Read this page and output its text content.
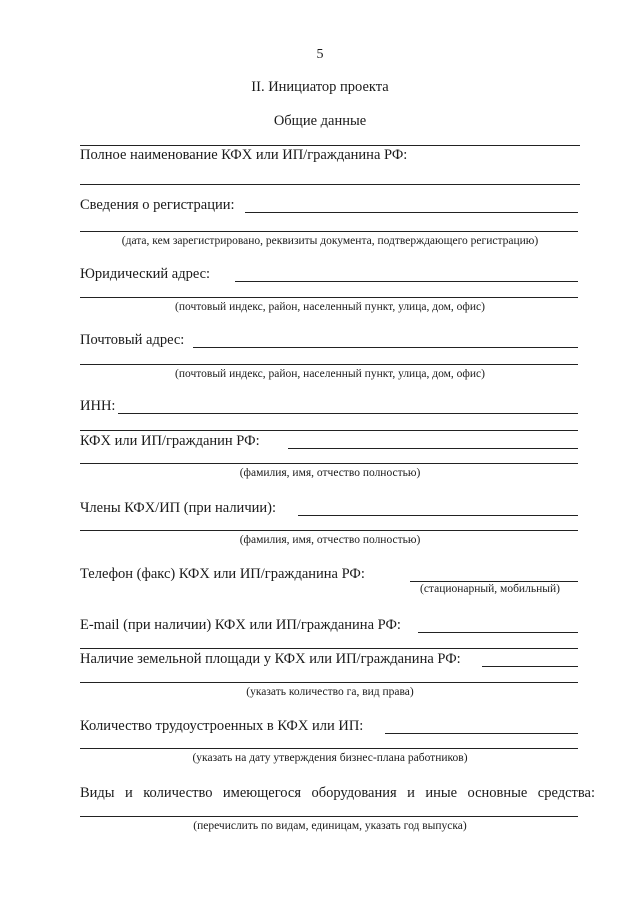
5
II. Инициатор проекта
Общие данные
Полное наименование КФХ или ИП/гражданина РФ:
Сведения о регистрации:
(дата, кем зарегистрировано, реквизиты документа, подтверждающего регистрацию)
Юридический адрес:
(почтовый индекс, район, населенный пункт, улица, дом, офис)
Почтовый адрес:
(почтовый индекс, район, населенный пункт, улица, дом, офис)
ИНН:
КФХ или ИП/гражданин РФ:
(фамилия, имя, отчество полностью)
Члены КФХ/ИП (при наличии):
(фамилия, имя, отчество полностью)
Телефон (факс) КФХ или ИП/гражданина РФ:
(стационарный, мобильный)
E-mail (при наличии) КФХ или ИП/гражданина РФ:
Наличие земельной площади у КФХ или ИП/гражданина РФ:
(указать количество га, вид права)
Количество трудоустроенных в КФХ или ИП:
(указать на дату утверждения бизнес-плана работников)
Виды и количество имеющегося оборудования и иные основные средства:
(перечислить по видам, единицам, указать год выпуска)
